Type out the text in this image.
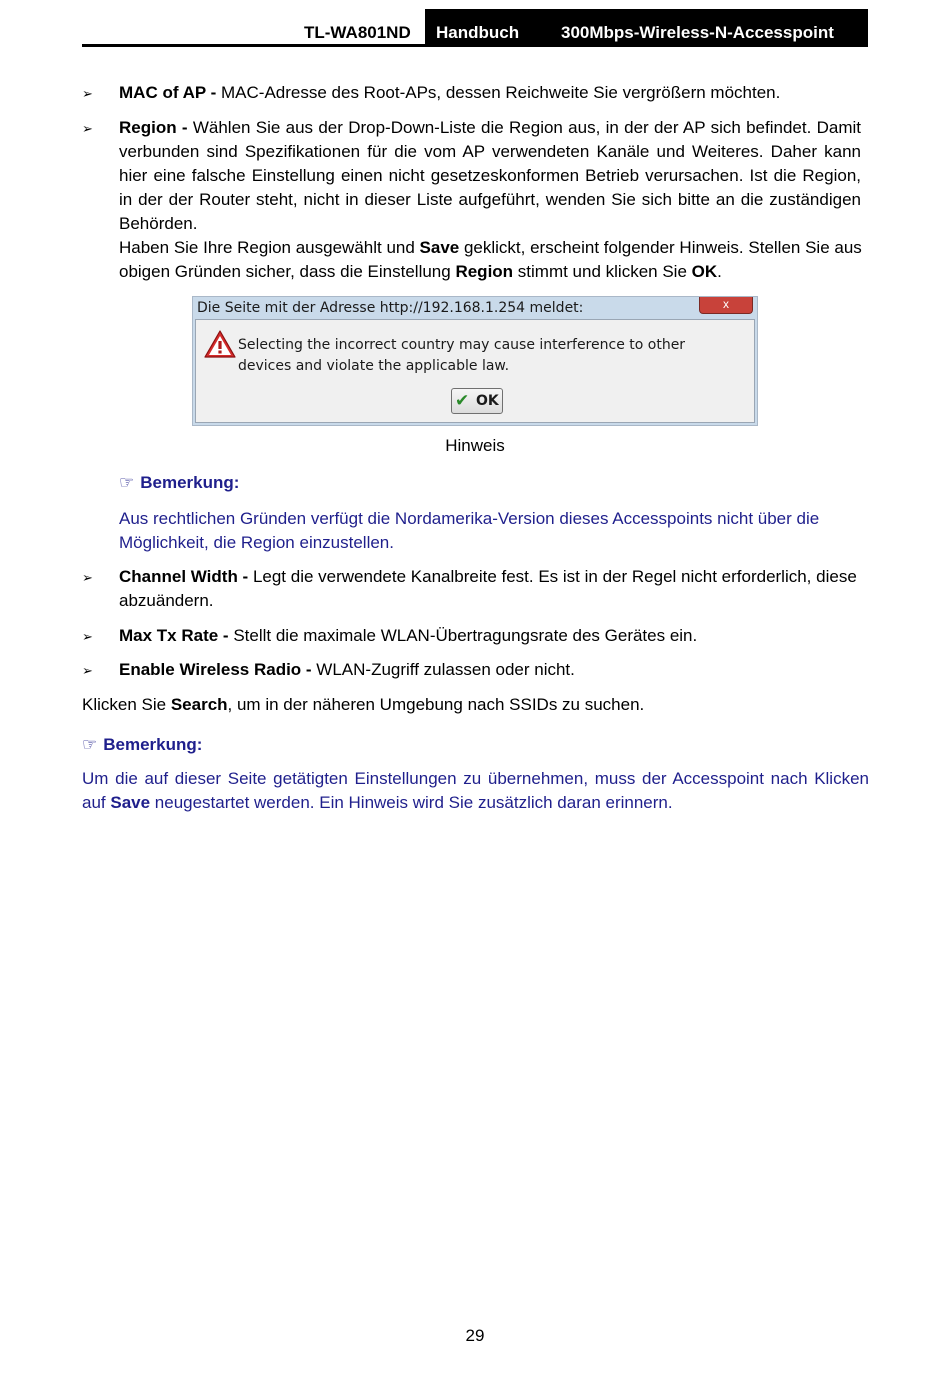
TL-WA801ND Handbuch 300Mbps-Wireless-N-Accesspoint
➢ MAC of AP - MAC-Adresse des Root-APs, dessen Reichweite Sie vergrößern möchten.
➢ Region - Wählen Sie aus der Drop-Down-Liste die Region aus, in der der AP sich befindet. Damit verbunden sind Spezifikationen für die vom AP verwendeten Kanäle und Weiteres. Daher kann hier eine falsche Einstellung einen nicht gesetzeskonformen Betrieb verursachen. Ist die Region, in der der Router steht, nicht in dieser Liste aufgeführt, wenden Sie sich bitte an die zuständigen Behörden.
Haben Sie Ihre Region ausgewählt und Save geklickt, erscheint folgender Hinweis. Stellen Sie aus obigen Gründen sicher, dass die Einstellung Region stimmt und klicken Sie OK.
Die Seite mit der Adresse http://192.168.1.254 meldet:	x
Selecting the incorrect country may cause interference to other devices and violate the applicable law.
✔ OK
Hinweis
☞ Bemerkung:
Aus rechtlichen Gründen verfügt die Nordamerika-Version dieses Accesspoints nicht über die Möglichkeit, die Region einzustellen.
➢ Channel Width - Legt die verwendete Kanalbreite fest. Es ist in der Regel nicht erforderlich, diese abzuändern.
➢ Max Tx Rate - Stellt die maximale WLAN-Übertragungsrate des Gerätes ein.
➢ Enable Wireless Radio - WLAN-Zugriff zulassen oder nicht.
Klicken Sie Search, um in der näheren Umgebung nach SSIDs zu suchen.
☞ Bemerkung:
Um die auf dieser Seite getätigten Einstellungen zu übernehmen, muss der Accesspoint nach Klicken auf Save neugestartet werden. Ein Hinweis wird Sie zusätzlich daran erinnern.
29
